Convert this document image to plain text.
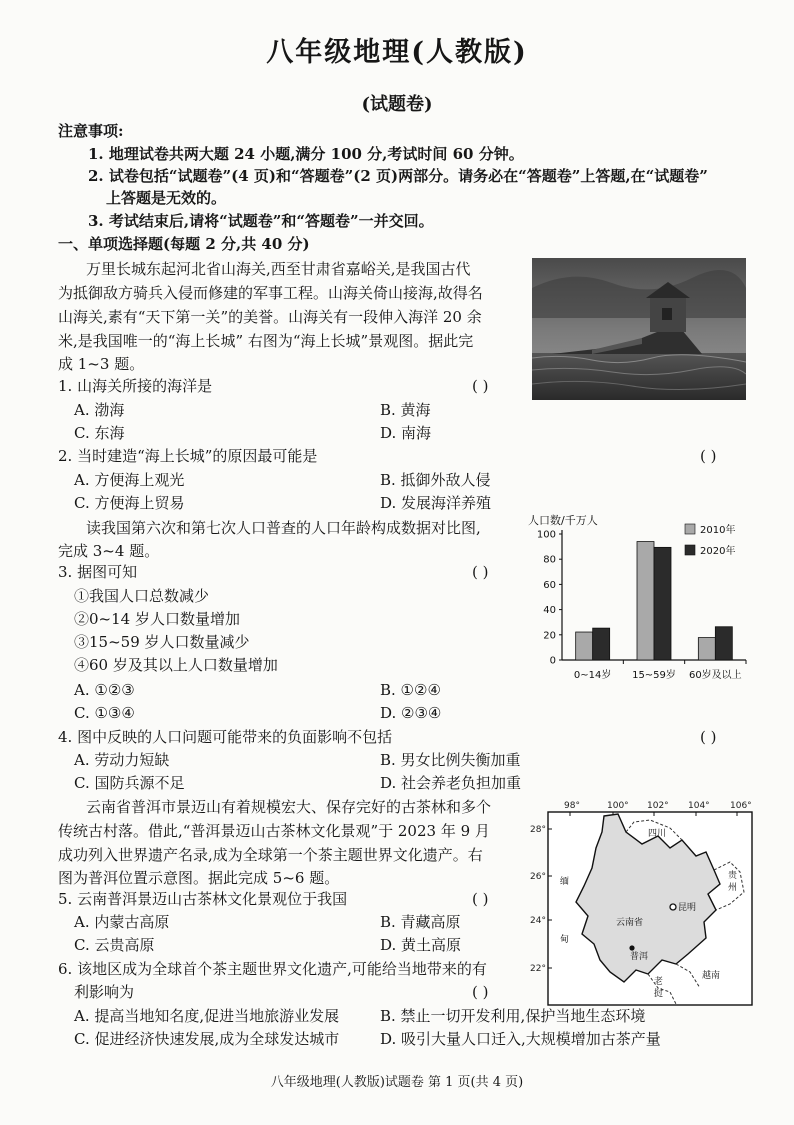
八年级地理(人教版)
(试题卷)
注意事项:
1. 地理试卷共两大题 24 小题,满分 100 分,考试时间 60 分钟。
2. 试卷包括“试题卷”(4 页)和“答题卷”(2 页)两部分。请务必在“答题卷”上答题,在“试题卷”
上答题是无效的。
3. 考试结束后,请将“试题卷”和“答题卷”一并交回。
一、单项选择题(每题 2 分,共 40 分)
万里长城东起河北省山海关,西至甘肃省嘉峪关,是我国古代
为抵御敌方骑兵入侵而修建的军事工程。山海关倚山接海,故得名
山海关,素有“天下第一关”的美誉。山海关有一段伸入海洋 20 余
米,是我国唯一的“海上长城” 右图为“海上长城”景观图。据此完
成 1~3 题。
1. 山海关所接的海洋是	( )
A. 渤海	B. 黄海
C. 东海	D. 南海
2. 当时建造“海上长城”的原因最可能是	( )
A. 方便海上观光	B. 抵御外敌人侵
C. 方便海上贸易	D. 发展海洋养殖
读我国第六次和第七次人口普查的人口年龄构成数据对比图,
完成 3~4 题。
人口数/千万人
0
20
40
60
80
100
0~14岁 15~59岁 60岁及以上
2010年
2020年
3. 据图可知	( )
①我国人口总数减少
②0~14 岁人口数量增加
③15~59 岁人口数量减少
④60 岁及其以上人口数量增加
A. ①②③	B. ①②④
C. ①③④	D. ②③④
4. 图中反映的人口问题可能带来的负面影响不包括	( )
A. 劳动力短缺	B. 男女比例失衡加重
C. 国防兵源不足	D. 社会养老负担加重
云南省普洱市景迈山有着规模宏大、保存完好的古茶林和多个
传统古村落。借此,“普洱景迈山古茶林文化景观”于 2023 年 9 月
成功列入世界遗产名录,成为全球第一个茶主题世界文化遗产。右
图为普洱位置示意图。据此完成 5~6 题。
98°	100° 102° 104° 106°
28°
26°
24°
22°
四川
贵
州
缅
甸
云南省
昆明
普洱
老
挝
越南
5. 云南普洱景迈山古茶林文化景观位于我国	( )
A. 内蒙古高原	B. 青藏高原
C. 云贵高原	D. 黄土高原
6. 该地区成为全球首个茶主题世界文化遗产,可能给当地带来的有
利影响为	( )
A. 提高当地知名度,促进当地旅游业发展	B. 禁止一切开发利用,保护当地生态环境
C. 促进经济快速发展,成为全球发达城市	D. 吸引大量人口迁入,大规模增加古茶产量
八年级地理(人教版)试题卷 第 1 页(共 4 页)
